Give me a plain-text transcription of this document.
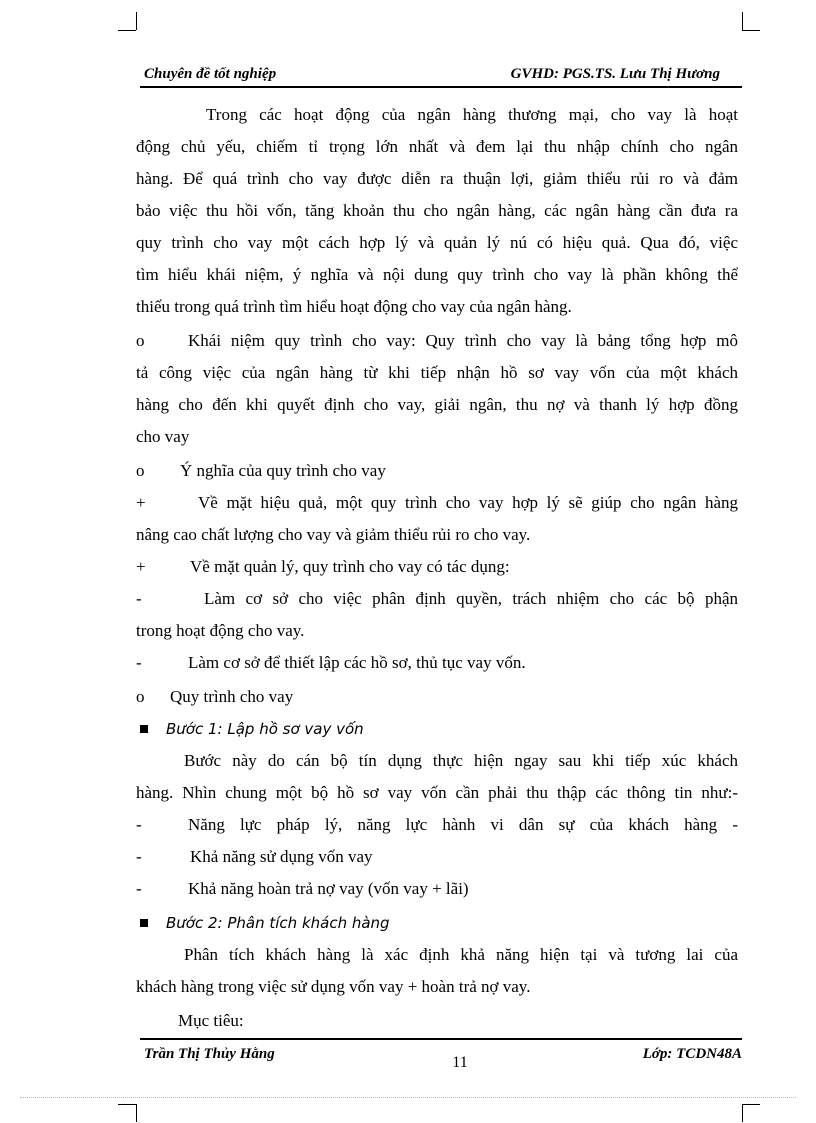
Chuyên đề tốt nghiệp	GVHD: PGS.TS. Lưu Thị Hương
Trong các hoạt động của ngân hàng thương mại, cho vay là hoạt
động chủ yếu, chiếm tỉ trọng lớn nhất và đem lại thu nhập chính cho ngân
hàng. Để quá trình cho vay được diễn ra thuận lợi, giảm thiểu rủi ro và đảm
bảo việc thu hồi vốn, tăng khoản thu cho ngân hàng, các ngân hàng cần đưa ra
quy trình cho vay một cách hợp lý và quản lý nú có hiệu quả. Qua đó, việc
tìm hiểu khái niệm, ý nghĩa và nội dung quy trình cho vay là phần không thể
thiếu trong quá trình tìm hiểu hoạt động cho vay của ngân hàng.
o	Khái niệm quy trình cho vay: Quy trình cho vay là bảng tổng hợp mô
tả công việc của ngân hàng từ khi tiếp nhận hồ sơ vay vốn của một khách
hàng cho đến khi quyết định cho vay, giải ngân, thu nợ và thanh lý hợp đồng
cho vay
o Ý nghĩa của quy trình cho vay
+	Về mặt hiệu quả, một quy trình cho vay hợp lý sẽ giúp cho ngân hàng
nâng cao chất lượng cho vay và giảm thiểu rủi ro cho vay.
+	Về mặt quản lý, quy trình cho vay có tác dụng:
-	Làm cơ sở cho việc phân định quyền, trách nhiệm cho các bộ phận
trong hoạt động cho vay.
-	Làm cơ sở để thiết lập các hồ sơ, thủ tục vay vốn.
o Quy trình cho vay
Bước 1: Lập hồ sơ vay vốn
Bước này do cán bộ tín dụng thực hiện ngay sau khi tiếp xúc khách
hàng. Nhìn chung một bộ hồ sơ vay vốn cần phải thu thập các thông tin như:-
-	Năng lực pháp lý, năng lực hành vi dân sự của khách hàng -
-	Khả năng sử dụng vốn vay
-	Khả năng hoàn trả nợ vay (vốn vay + lãi)
Bước 2: Phân tích khách hàng
Phân tích khách hàng là xác định khả năng hiện tại và tương lai của
khách hàng trong việc sử dụng vốn vay + hoàn trả nợ vay.
Mục tiêu:
Trần Thị Thủy Hằng	11	Lớp: TCDN48A
